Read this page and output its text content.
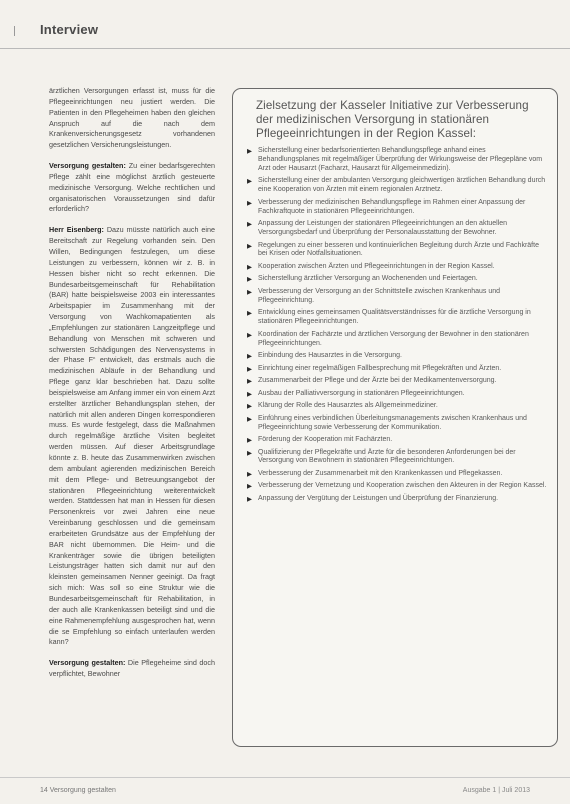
Interview

ärztlichen Versorgungen erfasst ist, muss für die Pflegeeinrichtungen neu justiert werden. Die Patienten in den Pflegeheimen haben den gleichen Anspruch auf die nach dem Krankenversicherungsgesetz vorhandenen gesetzlichen Versicherungsleistungen.

Versorgung gestalten: Zu einer bedarfsgerechten Pflege zählt eine möglichst ärztlich gesteuerte medizinische Versorgung. Welche rechtlichen und organisatorischen Voraussetzungen sind dafür erforderlich?

Herr Eisenberg: Dazu müsste natürlich auch eine Bereitschaft zur Regelung vorhanden sein. Den Willen, Bedingungen festzulegen, um diese Leistungen zu verbessern, können wir z. B. in Hessen bisher nicht so recht erkennen. Die Bundesarbeitsgemeinschaft für Rehabilitation (BAR) hatte beispielsweise 2003 ein interessantes Arbeitspapier im Zusammenhang mit der Versorgung von Wachkomapatienten als „Empfehlungen zur stationären Langzeitpflege und Behandlung von Menschen mit schweren und schwersten Schädigungen des Nervensystems in der Phase F“ entwickelt, das erstmals auch die medizinischen Abläufe in der Behandlung und Pflege ganz klar beschrieben hat. Dazu sollte beispielsweise am Anfang immer ein von einem Arzt erstellter ärztlicher Behandlungsplan stehen, der natürlich mit allen anderen Dingen korrespondieren muss. Es wurde festgelegt, dass die Maßnahmen durch regelmäßige ärztliche Visiten begleitet werden müssen. Auf dieser Arbeitsgrundlage könnte z. B. heute das Zusammenwirken zwischen dem ambulant agierenden medizinischen Bereich mit dem Pflege- und Betreuungsangebot der stationären Pflegeeinrichtung weiterentwickelt werden. Stattdessen hat man in Hessen für diesen Personenkreis vor zwei Jahren eine neue Vereinbarung geschlossen und die gemeinsam erarbeiteten Grundsätze aus der Empfehlung der BAR nicht übernommen. Die Heim- und die Krankenträger sowie die übrigen beteiligten Leistungsträger hatten sich damit nur auf den kleinsten gemeinsamen Nenner geeinigt. Da fragt sich mich: Was soll so eine Struktur wie die Bundesarbeitsgemeinschaft für Rehabilitation, in der auch alle Krankenkassen beteiligt sind und die eine Rahmenempfehlung ausgesprochen hat, wenn die se Empfehlung so einfach unterlaufen werden kann?

Versorgung gestalten: Die Pflegeheime sind doch verpflichtet, Bewohner

Zielsetzung der Kasseler Initiative zur Verbesserung der medizinischen Versorgung in stationären Pflegeeinrichtungen in der Region Kassel:
▶ Sicherstellung einer bedarfsorientierten Behandlungspflege anhand eines Behandlungsplanes mit regelmäßiger Überprüfung der Wirkungsweise der Pflegepläne vom Arzt oder Hausarzt (Facharzt, Hausarzt für Allgemeinmedizin).
▶ Sicherstellung einer der ambulanten Versorgung gleichwertigen ärztlichen Behandlung durch eine Kooperation von Ärzten mit einem regionalen Arztnetz.
▶ Verbesserung der medizinischen Behandlungspflege im Rahmen einer Anpassung der Fachkraftquote in stationären Pflegeeinrichtungen.
▶ Anpassung der Leistungen der stationären Pflegeeinrichtungen an den aktuellen Versorgungsbedarf und Überprüfung der Personalausstattung der Bewohner.
▶ Regelungen zu einer besseren und kontinuierlichen Begleitung durch Ärzte und Fachkräfte bei Krisen oder Notfallsituationen.
▶ Kooperation zwischen Ärzten und Pflegeeinrichtungen in der Region Kassel.
▶ Sicherstellung ärztlicher Versorgung an Wochenenden und Feiertagen.
▶ Verbesserung der Versorgung an der Schnittstelle zwischen Krankenhaus und Pflegeeinrichtung.
▶ Entwicklung eines gemeinsamen Qualitätsverständnisses für die ärztliche Versorgung in stationären Pflegeeinrichtungen.
▶ Koordination der Fachärzte und ärztlichen Versorgung der Bewohner in den stationären Pflegeeinrichtungen.
▶ Einbindung des Hausarztes in die Versorgung.
▶ Einrichtung einer regelmäßigen Fallbesprechung mit Pflegekräften und Ärzten.
▶ Zusammenarbeit der Pflege und der Ärzte bei der Medikamentenversorgung.
▶ Ausbau der Palliativversorgung in stationären Pflegeeinrichtungen.
▶ Klärung der Rolle des Hausarztes als Allgemeinmediziner.
▶ Einführung eines verbindlichen Überleitungsmanagements zwischen Krankenhaus und Pflegeeinrichtung sowie Verbesserung der Kommunikation.
▶ Förderung der Kooperation mit Fachärzten.
▶ Qualifizierung der Pflegekräfte und Ärzte für die besonderen Anforderungen bei der Versorgung von Bewohnern in stationären Pflegeeinrichtungen.
▶ Verbesserung der Zusammenarbeit mit den Krankenkassen und Pflegekassen.
▶ Verbesserung der Vernetzung und Kooperation zwischen den Akteuren in der Region Kassel.
▶ Anpassung der Vergütung der Leistungen und Überprüfung der Finanzierung.
14 Versorgung gestalten	Ausgabe 1 | Juli 2013
